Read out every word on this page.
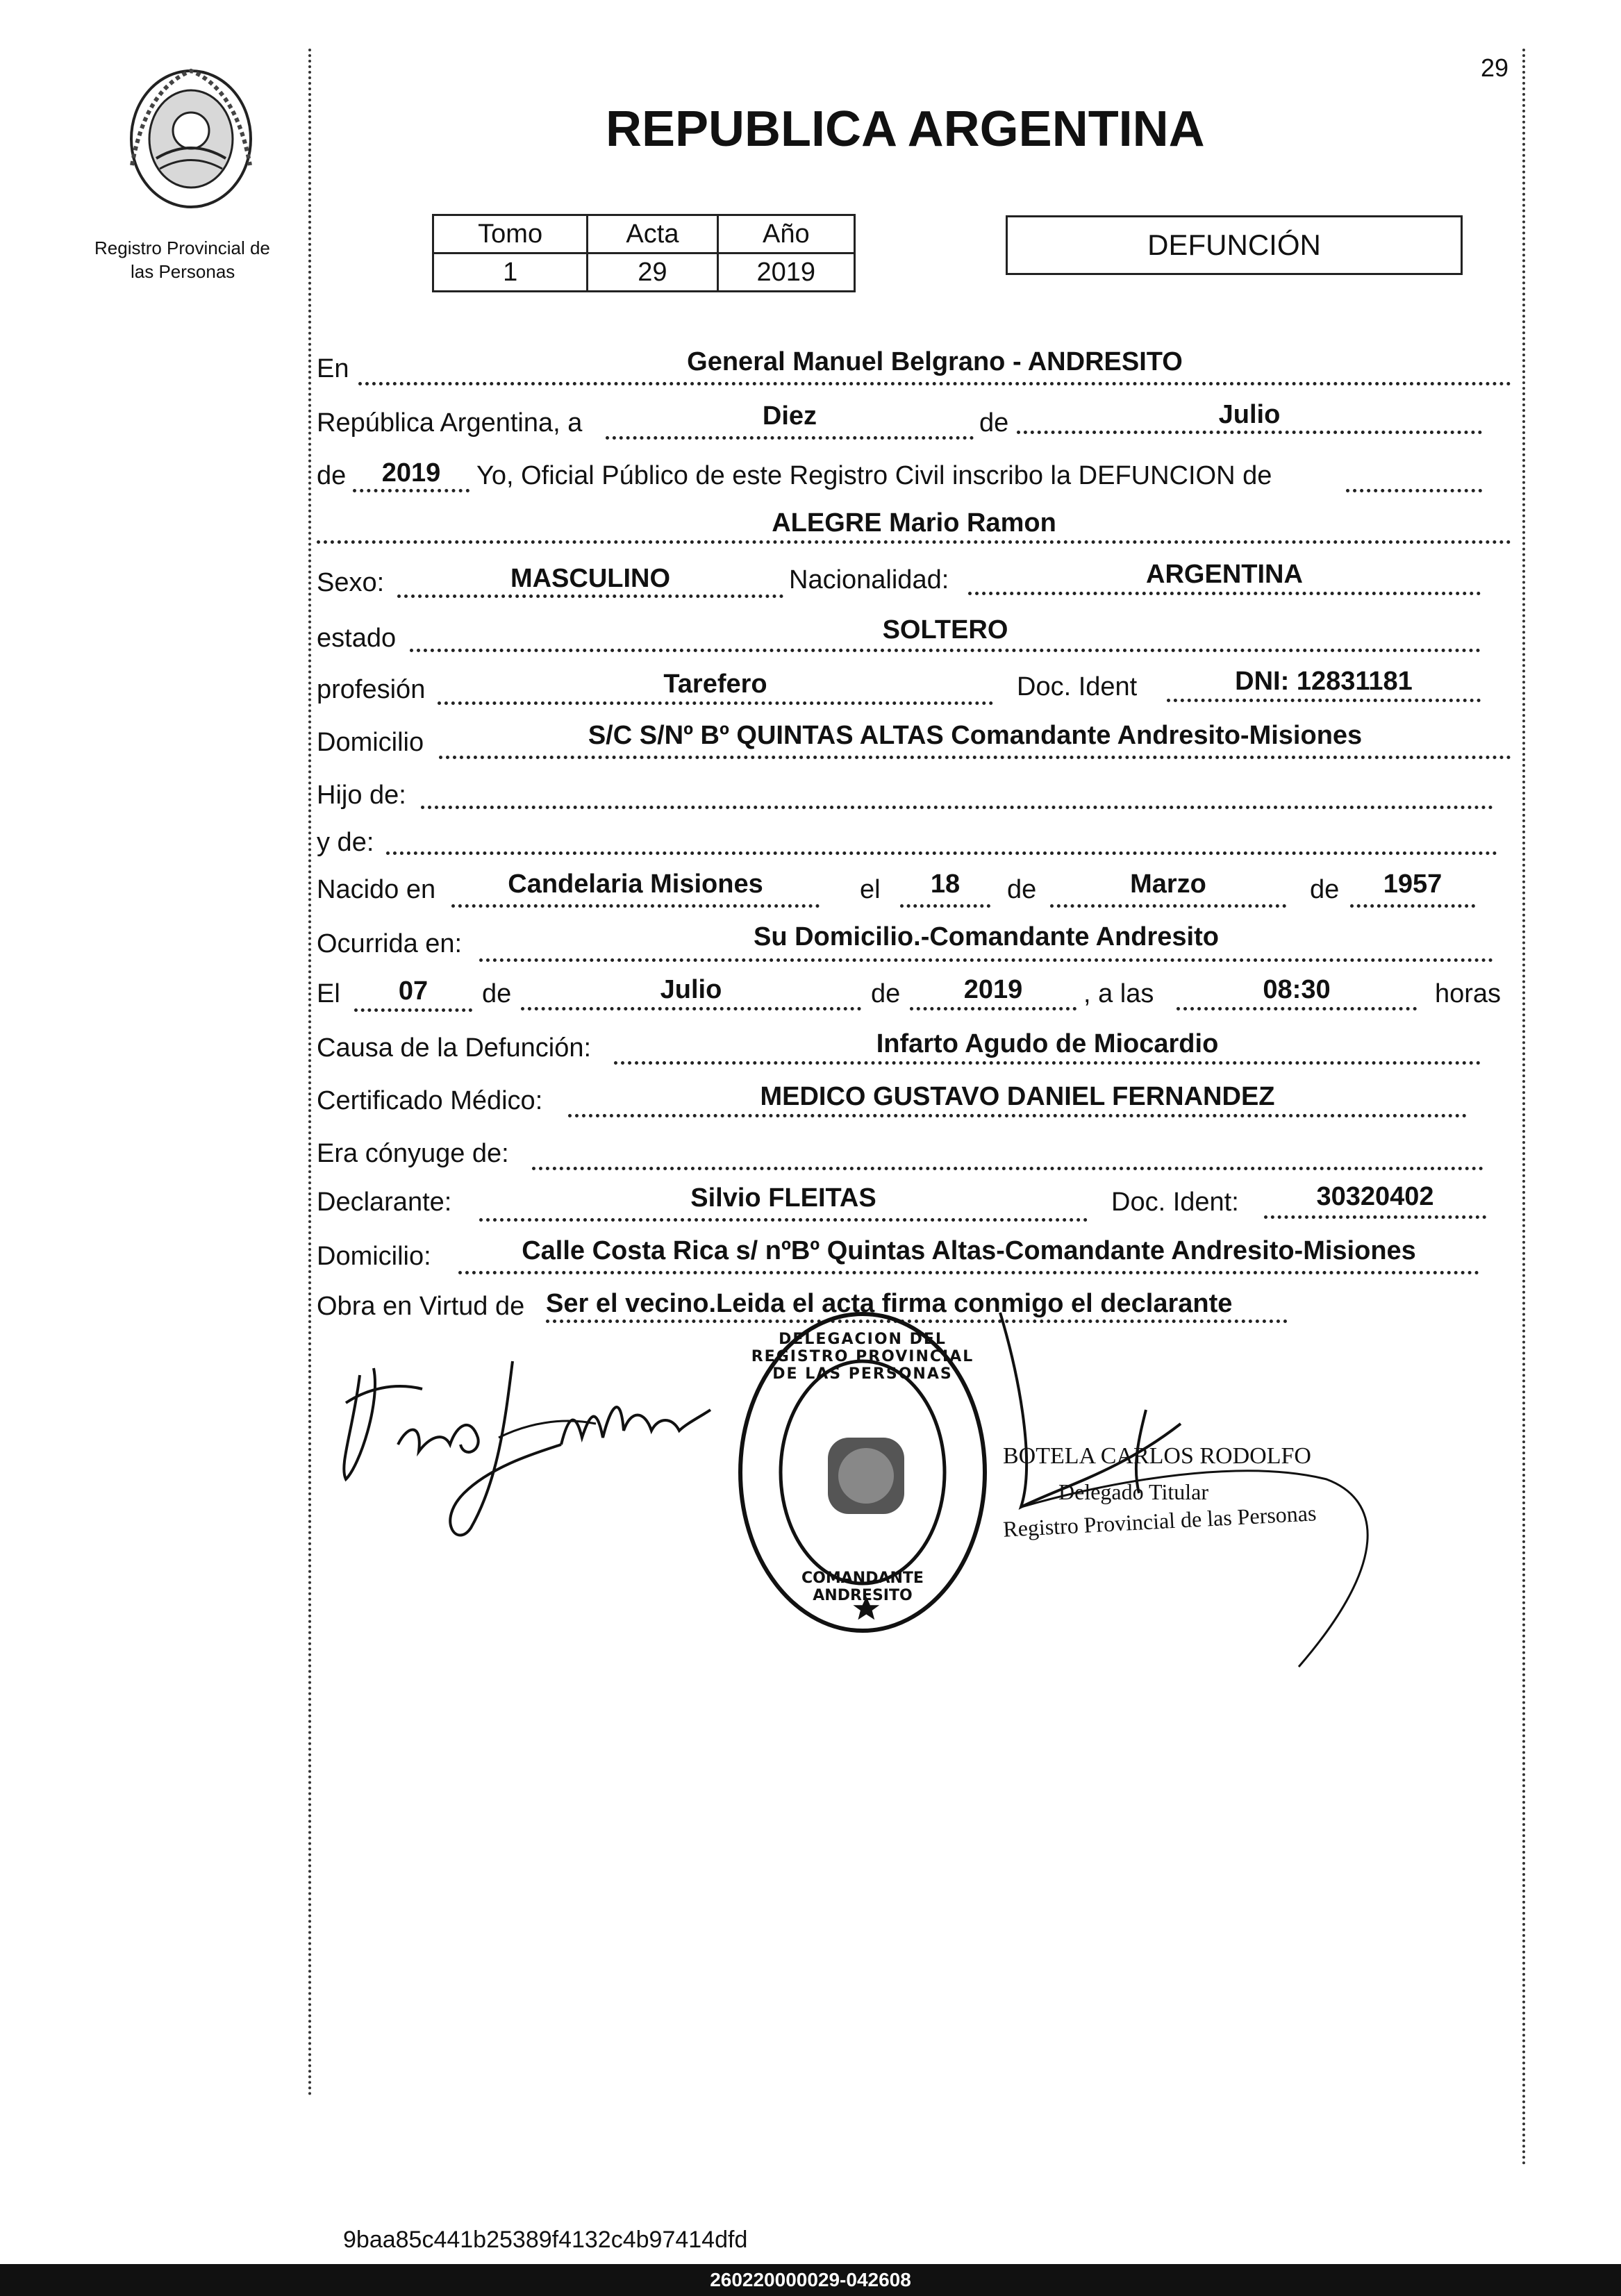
29
Registro Provincial de
las Personas
REPUBLICA ARGENTINA
Tomo	Acta	Año
1	29	2019
DEFUNCIÓN
En	General Manuel Belgrano - ANDRESITO
República Argentina, a	Diez	de	Julio
de	2019	Yo, Oficial Público de este Registro Civil inscribo la DEFUNCION de
ALEGRE Mario Ramon
Sexo:	MASCULINO	Nacionalidad:	ARGENTINA
estado	SOLTERO
profesión	Tarefero	Doc. Ident	DNI: 12831181
Domicilio	S/C S/Nº Bº QUINTAS ALTAS Comandante Andresito-Misiones
Hijo de:
y de:
Nacido en	Candelaria Misiones	el	18	de	Marzo	de	1957
Ocurrida en:	Su Domicilio.-Comandante Andresito
El	07	de	Julio	de	2019	, a las	08:30	horas
Causa de la Defunción:	Infarto Agudo de Miocardio
Certificado Médico:	MEDICO GUSTAVO DANIEL FERNANDEZ
Era cónyuge de:
Declarante:	Silvio FLEITAS	Doc. Ident:	30320402
Domicilio:	Calle Costa Rica s/ nºBº Quintas Altas-Comandante Andresito-Misiones
Obra en Virtud de Ser el vecino.Leida el acta firma conmigo el declarante
DELEGACION DEL REGISTRO PROVINCIAL DE LAS PERSONAS
COMANDANTE ANDRESITO
BOTELA CARLOS RODOLFO
Delegado Titular
Registro Provincial de las Personas
9baa85c441b25389f4132c4b97414dfd
260220000029-042608
